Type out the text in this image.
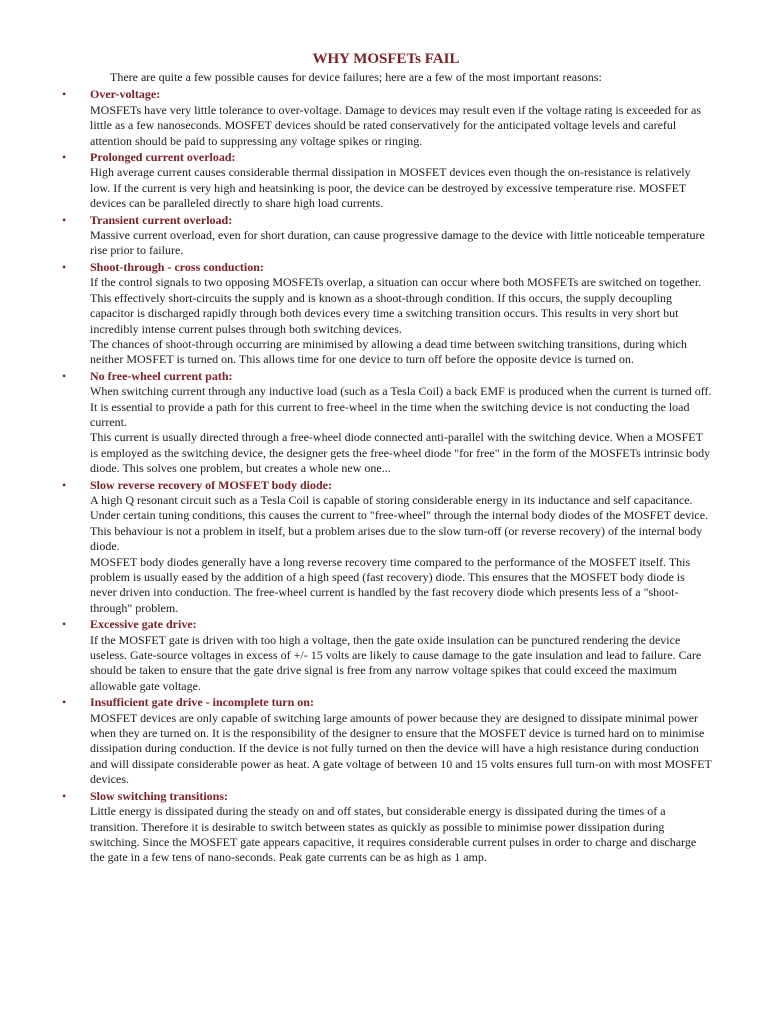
WHY MOSFETs FAIL

There are quite a few possible causes for device failures; here are a few of the most important reasons:

• Over-voltage:

MOSFETs have very little tolerance to over-voltage. Damage to devices may result even if the voltage rating is exceeded for as little as a few nanoseconds. MOSFET devices should be rated conservatively for the anticipated voltage levels and careful attention should be paid to suppressing any voltage spikes or ringing.

• Prolonged current overload:

High average current causes considerable thermal dissipation in MOSFET devices even though the on-resistance is relatively low. If the current is very high and heatsinking is poor, the device can be destroyed by excessive temperature rise. MOSFET devices can be paralleled directly to share high load currents.

• Transient current overload:

Massive current overload, even for short duration, can cause progressive damage to the device with little noticeable temperature rise prior to failure.

• Shoot-through - cross conduction:

If the control signals to two opposing MOSFETs overlap, a situation can occur where both MOSFETs are switched on together. This effectively short-circuits the supply and is known as a shoot-through condition. If this occurs, the supply decoupling capacitor is discharged rapidly through both devices every time a switching transition occurs. This results in very short but incredibly intense current pulses through both switching devices.

The chances of shoot-through occurring are minimised by allowing a dead time between switching transitions, during which neither MOSFET is turned on. This allows time for one device to turn off before the opposite device is turned on.

• No free-wheel current path:

When switching current through any inductive load (such as a Tesla Coil) a back EMF is produced when the current is turned off. It is essential to provide a path for this current to free-wheel in the time when the switching device is not conducting the load current.

This current is usually directed through a free-wheel diode connected anti-parallel with the switching device. When a MOSFET is employed as the switching device, the designer gets the free-wheel diode "for free" in the form of the MOSFETs intrinsic body diode. This solves one problem, but creates a whole new one...

• Slow reverse recovery of MOSFET body diode:

A high Q resonant circuit such as a Tesla Coil is capable of storing considerable energy in its inductance and self capacitance. Under certain tuning conditions, this causes the current to "free-wheel" through the internal body diodes of the MOSFET device. This behaviour is not a problem in itself, but a problem arises due to the slow turn-off (or reverse recovery) of the internal body diode.

MOSFET body diodes generally have a long reverse recovery time compared to the performance of the MOSFET itself. This problem is usually eased by the addition of a high speed (fast recovery) diode. This ensures that the MOSFET body diode is never driven into conduction. The free-wheel current is handled by the fast recovery diode which presents less of a "shoot-through" problem.

• Excessive gate drive:

If the MOSFET gate is driven with too high a voltage, then the gate oxide insulation can be punctured rendering the device useless. Gate-source voltages in excess of +/- 15 volts are likely to cause damage to the gate insulation and lead to failure. Care should be taken to ensure that the gate drive signal is free from any narrow voltage spikes that could exceed the maximum allowable gate voltage.

• Insufficient gate drive - incomplete turn on:

MOSFET devices are only capable of switching large amounts of power because they are designed to dissipate minimal power when they are turned on. It is the responsibility of the designer to ensure that the MOSFET device is turned hard on to minimise dissipation during conduction. If the device is not fully turned on then the device will have a high resistance during conduction and will dissipate considerable power as heat. A gate voltage of between 10 and 15 volts ensures full turn-on with most MOSFET devices.

• Slow switching transitions:

Little energy is dissipated during the steady on and off states, but considerable energy is dissipated during the times of a transition. Therefore it is desirable to switch between states as quickly as possible to minimise power dissipation during switching. Since the MOSFET gate appears capacitive, it requires considerable current pulses in order to charge and discharge the gate in a few tens of nano-seconds. Peak gate currents can be as high as 1 amp.
